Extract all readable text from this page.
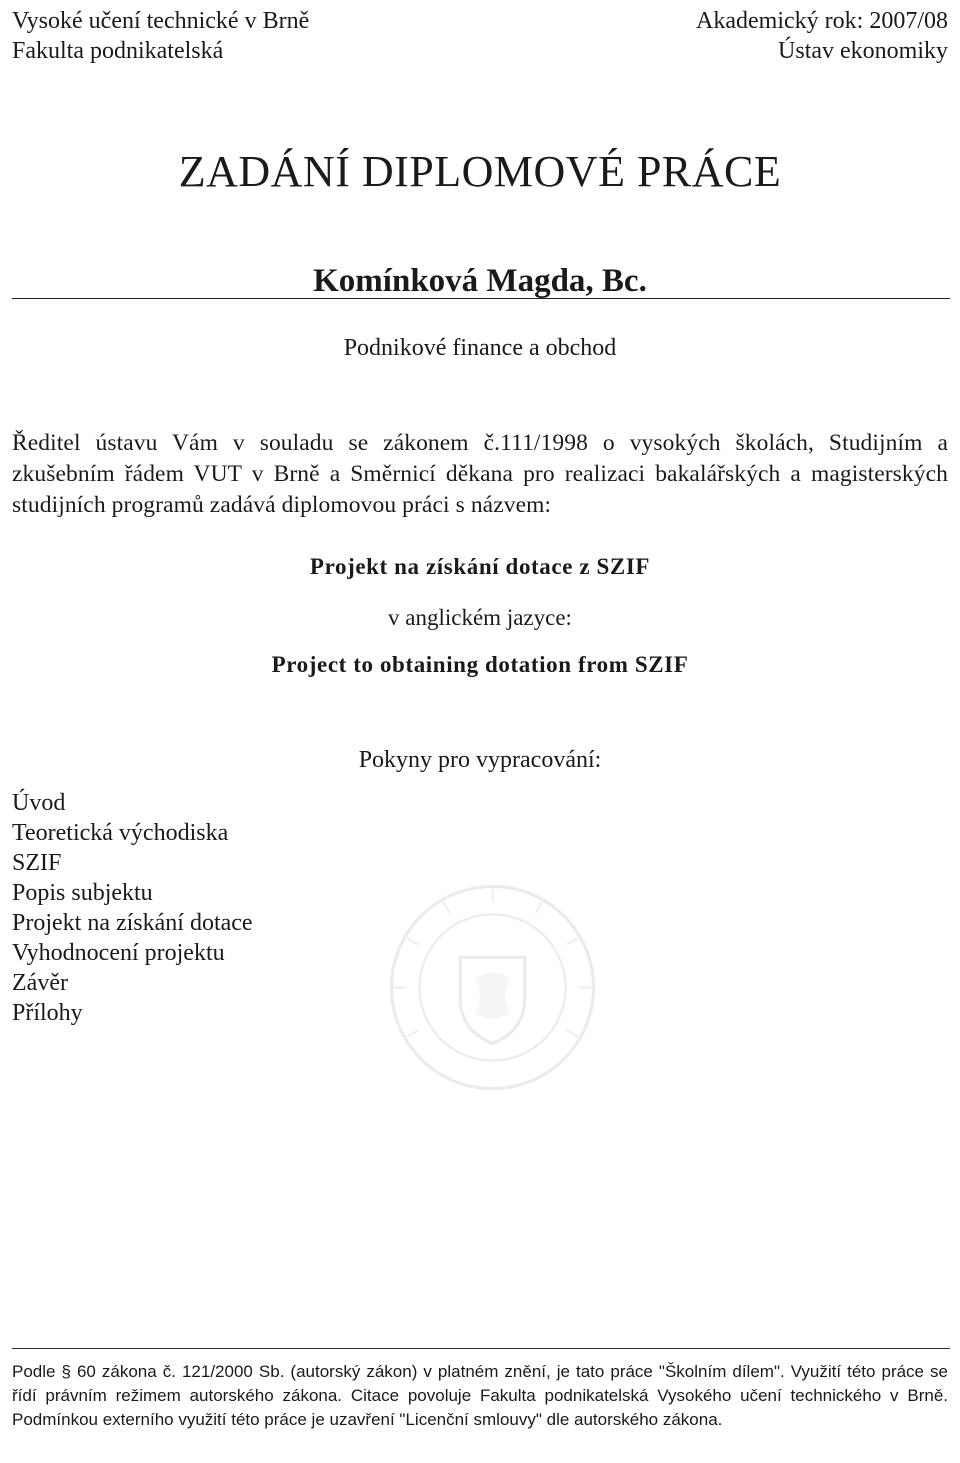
Vysoké učení technické v Brně
Fakulta podnikatelská
Akademický rok: 2007/08
Ústav ekonomiky
ZADÁNÍ DIPLOMOVÉ PRÁCE
Komínková Magda, Bc.
Podnikové finance a obchod
Ředitel ústavu Vám v souladu se zákonem č.111/1998 o vysokých školách, Studijním a zkušebním řádem VUT v Brně a Směrnicí děkana pro realizaci bakalářských a magisterských studijních programů zadává diplomovou práci s názvem:
Projekt na získání dotace z SZIF
v anglickém jazyce:
Project to obtaining dotation from SZIF
Pokyny pro vypracování:
Úvod
Teoretická východiska
SZIF
Popis subjektu
Projekt na získání dotace
Vyhodnocení projektu
Závěr
Přílohy
Podle § 60 zákona č. 121/2000 Sb. (autorský zákon) v platném znění, je tato práce "Školním dílem". Využití této práce se řídí právním režimem autorského zákona. Citace povoluje Fakulta podnikatelská Vysokého učení technického v Brně. Podmínkou externího využití této práce je uzavření "Licenční smlouvy" dle autorského zákona.
